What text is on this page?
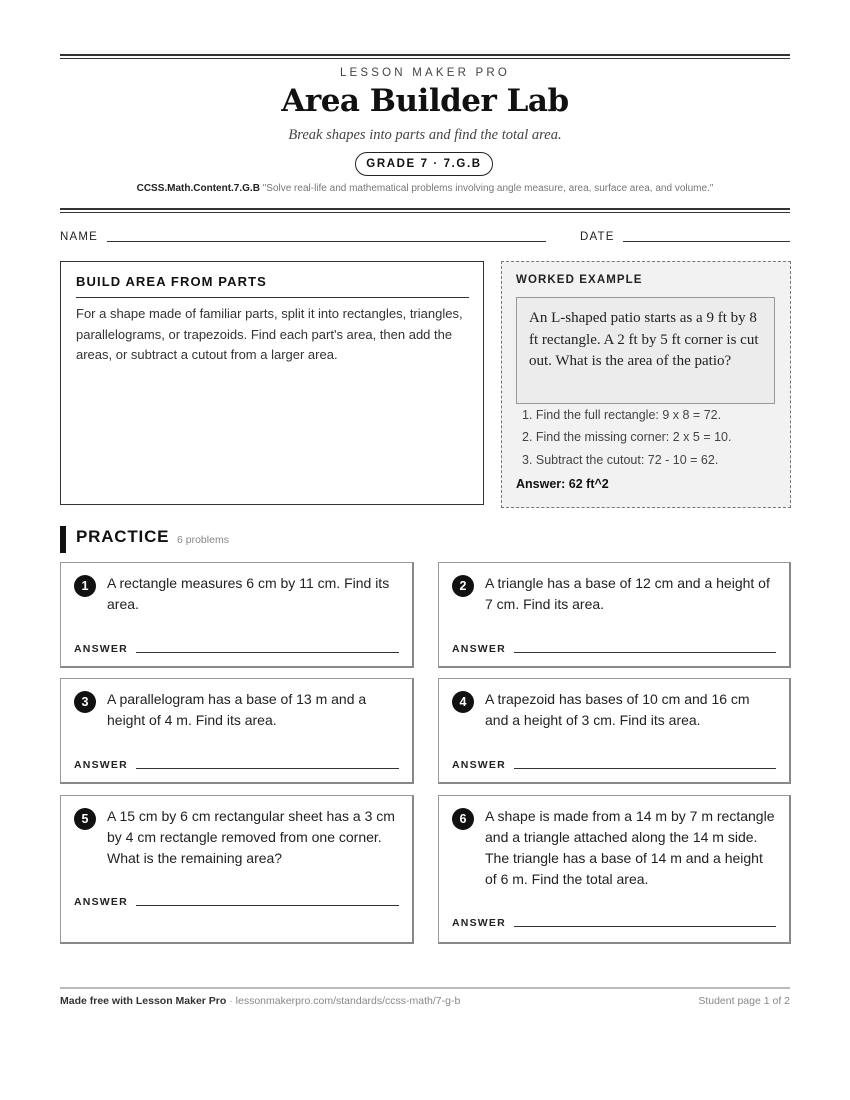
LESSON MAKER PRO
Area Builder Lab
Break shapes into parts and find the total area.
GRADE 7 · 7.G.B
CCSS.Math.Content.7.G.B "Solve real-life and mathematical problems involving angle measure, area, surface area, and volume."
NAME	DATE
BUILD AREA FROM PARTS
For a shape made of familiar parts, split it into rectangles, triangles, parallelograms, or trapezoids. Find each part's area, then add the areas, or subtract a cutout from a larger area.
WORKED EXAMPLE
An L-shaped patio starts as a 9 ft by 8 ft rectangle. A 2 ft by 5 ft corner is cut out. What is the area of the patio?
1. Find the full rectangle: 9 x 8 = 72.
2. Find the missing corner: 2 x 5 = 10.
3. Subtract the cutout: 72 - 10 = 62.
Answer: 62 ft^2
PRACTICE 6 problems
1	A rectangle measures 6 cm by 11 cm. Find its area.
ANSWER
2	A triangle has a base of 12 cm and a height of 7 cm. Find its area.
ANSWER
3	A parallelogram has a base of 13 m and a height of 4 m. Find its area.
ANSWER
4	A trapezoid has bases of 10 cm and 16 cm and a height of 3 cm. Find its area.
ANSWER
5	A 15 cm by 6 cm rectangular sheet has a 3 cm by 4 cm rectangle removed from one corner. What is the remaining area?
ANSWER
6	A shape is made from a 14 m by 7 m rectangle and a triangle attached along the 14 m side. The triangle has a base of 14 m and a height of 6 m. Find the total area.
ANSWER
Made free with Lesson Maker Pro · lessonmakerpro.com/standards/ccss-math/7-g-b	Student page 1 of 2
